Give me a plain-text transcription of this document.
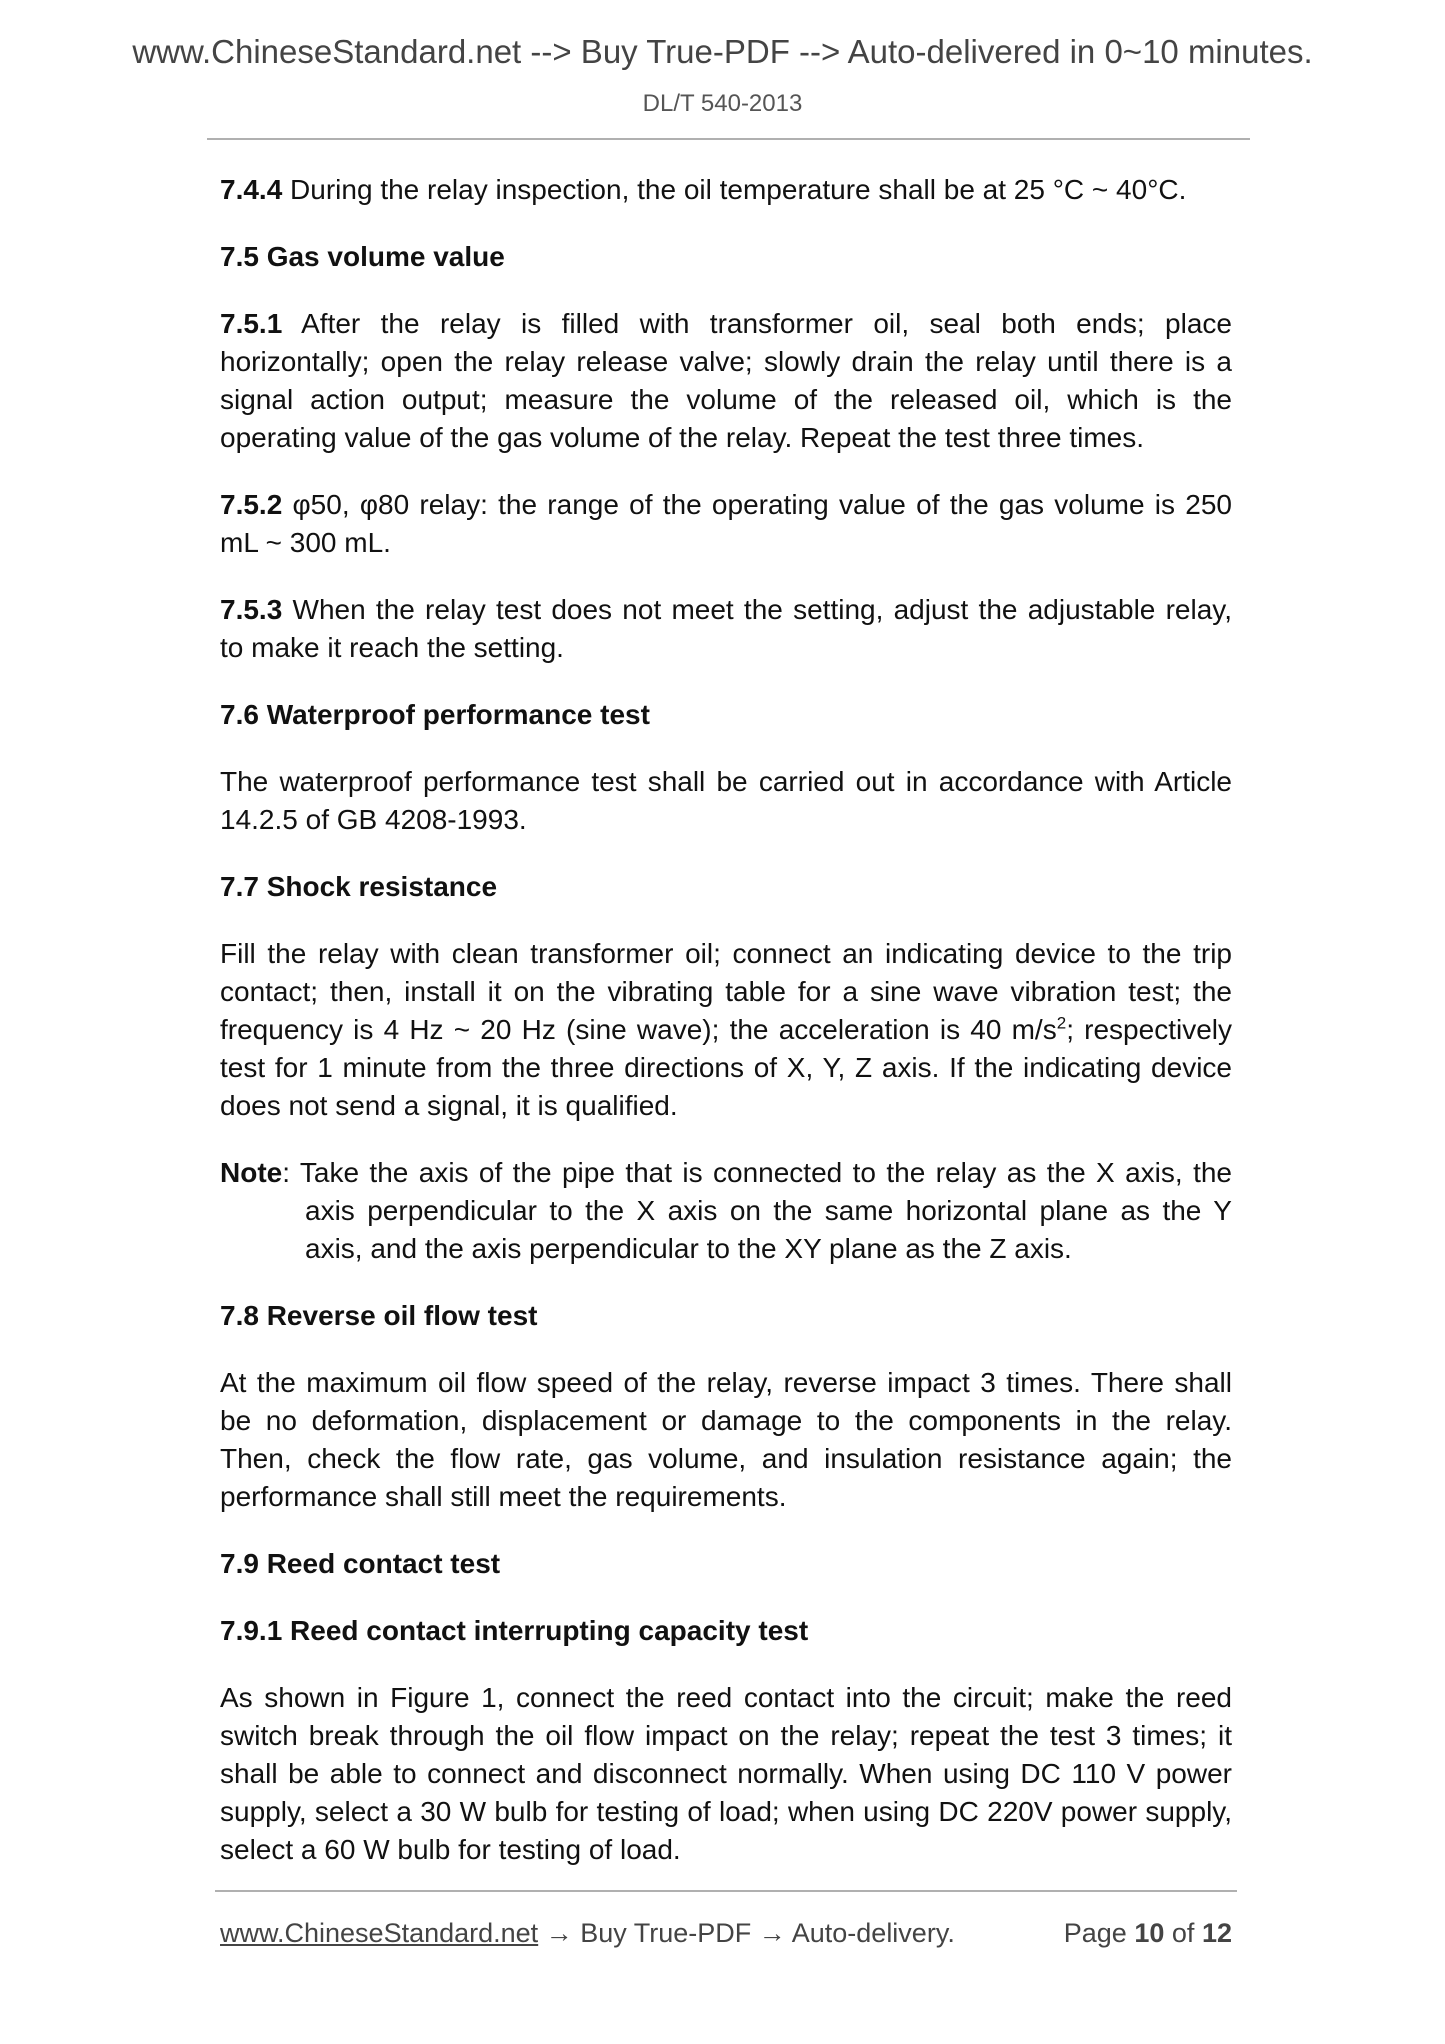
www.ChineseStandard.net --> Buy True-PDF --> Auto-delivered in 0~10 minutes.
DL/T 540-2013
7.4.4 During the relay inspection, the oil temperature shall be at 25 °C ~ 40°C.
7.5 Gas volume value
7.5.1 After the relay is filled with transformer oil, seal both ends; place
horizontally; open the relay release valve; slowly drain the relay until there is a
signal action output; measure the volume of the released oil, which is the
operating value of the gas volume of the relay. Repeat the test three times.
7.5.2 φ50, φ80 relay: the range of the operating value of the gas volume is 250
mL ~ 300 mL.
7.5.3 When the relay test does not meet the setting, adjust the adjustable relay,
to make it reach the setting.
7.6 Waterproof performance test
The waterproof performance test shall be carried out in accordance with Article
14.2.5 of GB 4208-1993.
7.7 Shock resistance
Fill the relay with clean transformer oil; connect an indicating device to the trip
contact; then, install it on the vibrating table for a sine wave vibration test; the
frequency is 4 Hz ~ 20 Hz (sine wave); the acceleration is 40 $m/s^2$; respectively
test for 1 minute from the three directions of X, Y, Z axis. If the indicating device
does not send a signal, it is qualified.
Note: Take the axis of the pipe that is connected to the relay as the X axis, the
axis perpendicular to the X axis on the same horizontal plane as the Y
axis, and the axis perpendicular to the XY plane as the Z axis.
7.8 Reverse oil flow test
At the maximum oil flow speed of the relay, reverse impact 3 times. There shall
be no deformation, displacement or damage to the components in the relay.
Then, check the flow rate, gas volume, and insulation resistance again; the
performance shall still meet the requirements.
7.9 Reed contact test
7.9.1 Reed contact interrupting capacity test
As shown in Figure 1, connect the reed contact into the circuit; make the reed
switch break through the oil flow impact on the relay; repeat the test 3 times; it
shall be able to connect and disconnect normally. When using DC 110 V power
supply, select a 30 W bulb for testing of load; when using DC 220V power supply,
select a 60 W bulb for testing of load.
www.ChineseStandard.net → Buy True-PDF → Auto-delivery.	Page 10 of 12
